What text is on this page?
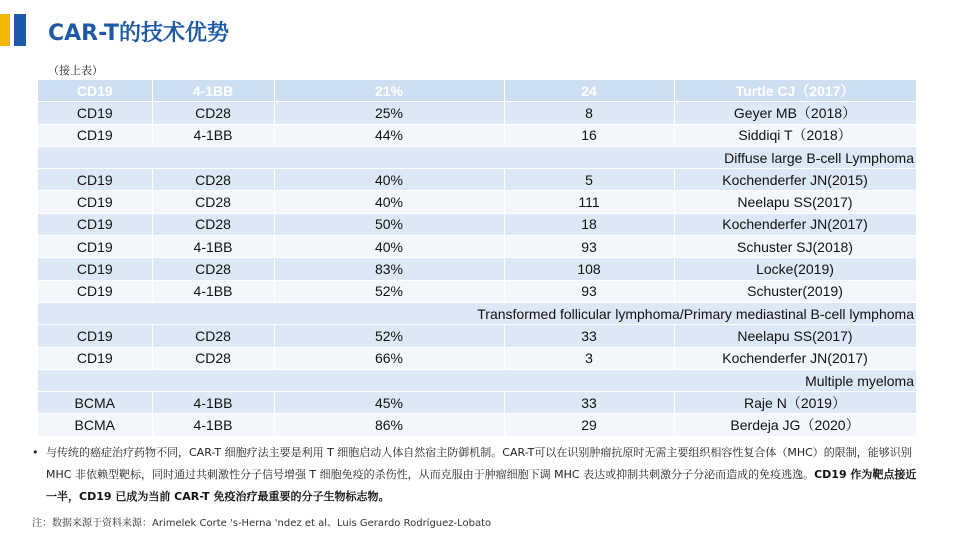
CAR-T的技术优势
（接上表）
CD19	4-1BB	21%	24	Turtle CJ（2017）
CD19	CD28	25%	8	Geyer MB（2018）
CD19	4-1BB	44%	16	Siddiqi T（2018）
Diffuse large B-cell Lymphoma				
CD19	CD28	40%	5	Kochenderfer JN(2015)
CD19	CD28	40%	111	Neelapu SS(2017)
CD19	CD28	50%	18	Kochenderfer JN(2017)
CD19	4-1BB	40%	93	Schuster SJ(2018)
CD19	CD28	83%	108	Locke(2019)
CD19	4-1BB	52%	93	Schuster(2019)
Transformed follicular lymphoma/Primary mediastinal B-cell lymphoma				
CD19	CD28	52%	33	Neelapu SS(2017)
CD19	CD28	66%	3	Kochenderfer JN(2017)
Multiple myeloma				
BCMA	4-1BB	45%	33	Raje N（2019）
BCMA	4-1BB	86%	29	Berdeja JG（2020）
• 与传统的癌症治疗药物不同，CAR-T 细胞疗法主要是利用 T 细胞启动人体自然宿主防御机制。CAR-T可以在识别肿瘤抗原时无需主要组织相容性复合体（MHC）的限制，能够识别 MHC 非依赖型靶标，同时通过共刺激性分子信号增强 T 细胞免疫的杀伤性，从而克服由于肿瘤细胞下调 MHC 表达或抑制共刺激分子分泌而造成的免疫逃逸。CD19 作为靶点接近一半，CD19 已成为当前 CAR-T 免疫治疗最重要的分子生物标志物。
注：数据来源于资料来源：Arimelek Corte 's-Herna 'ndez et al、Luis Gerardo Rodríguez-Lobato
